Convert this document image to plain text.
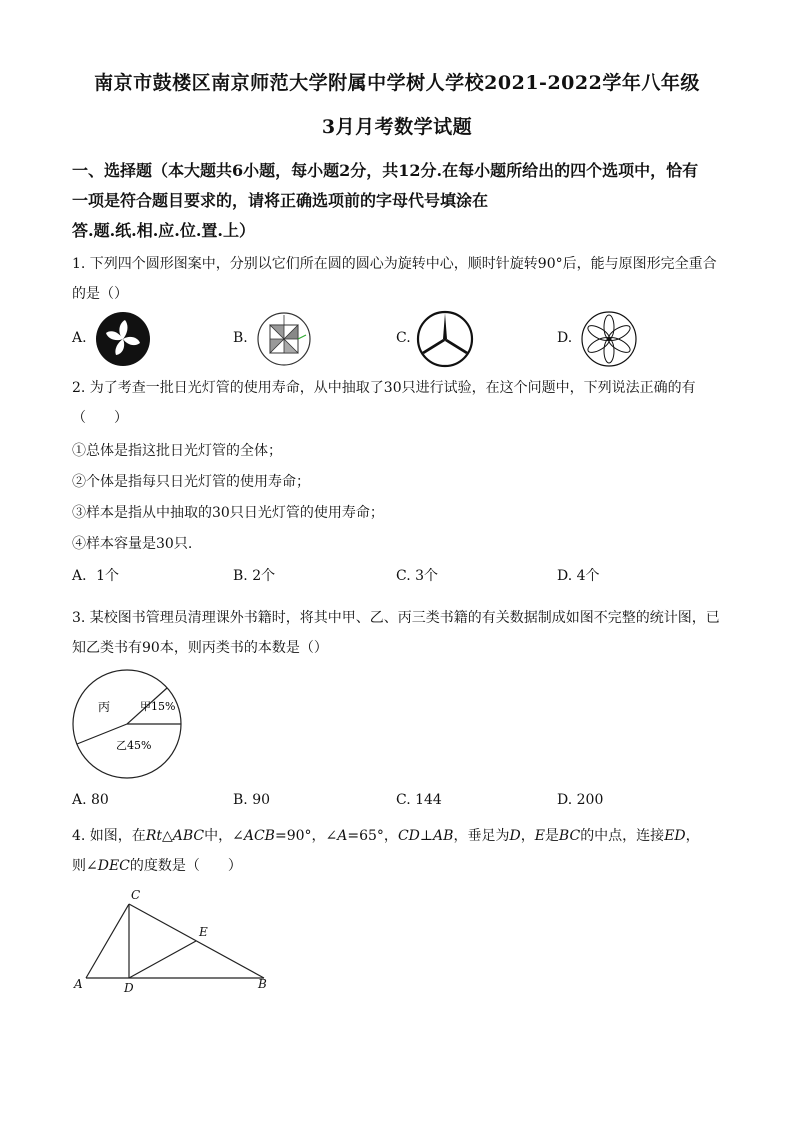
南京市鼓楼区南京师范大学附属中学树人学校2021-2022学年八年级
3月月考数学试题
一、选择题（本大题共6小题，每小题2分，共12分.在每小题所给出的四个选项中，恰有
一项是符合题目要求的，请将正确选项前的字母代号填涂在
答.题.纸.相.应.位.置.上）
1. 下列四个圆形图案中，分别以它们所在圆的圆心为旋转中心，顺时针旋转90°后，能与原图形完全重合
的是（）
A.	B.	C.	D.
2. 为了考查一批日光灯管的使用寿命，从中抽取了30只进行试验，在这个问题中，下列说法正确的有
（　　）
①总体是指这批日光灯管的全体；
②个体是指每只日光灯管的使用寿命；
③样本是指从中抽取的30只日光灯管的使用寿命；
④样本容量是30只.
A．1个	B. 2个	C. 3个	D. 4个
3. 某校图书管理员清理课外书籍时，将其中甲、乙、丙三类书籍的有关数据制成如图不完整的统计图，已
知乙类书有90本，则丙类书的本数是（）
丙	甲15%
乙45%
A. 80	B. 90	C. 144	D. 200
4. 如图，在Rt△ABC中，∠ACB=90°，∠A=65°，CD⊥AB，垂足为D，E是BC的中点，连接ED，
则∠DEC的度数是（　　）
C
E
A	D	B
